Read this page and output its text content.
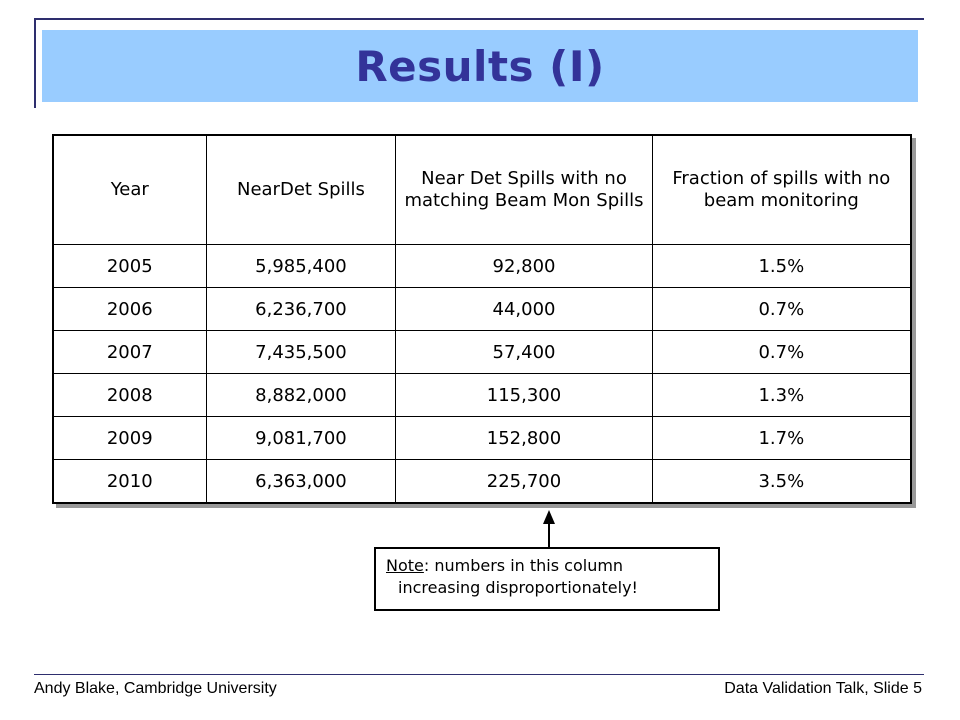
Results (I)
Year	NearDet Spills	Near Det Spills with no matching Beam Mon Spills	Fraction of spills with no beam monitoring
2005	5,985,400	92,800	1.5%
2006	6,236,700	44,000	0.7%
2007	7,435,500	57,400	0.7%
2008	8,882,000	115,300	1.3%
2009	9,081,700	152,800	1.7%
2010	6,363,000	225,700	3.5%
Note: numbers in this column
increasing disproportionately!
Andy Blake, Cambridge University	Data Validation Talk, Slide 5
